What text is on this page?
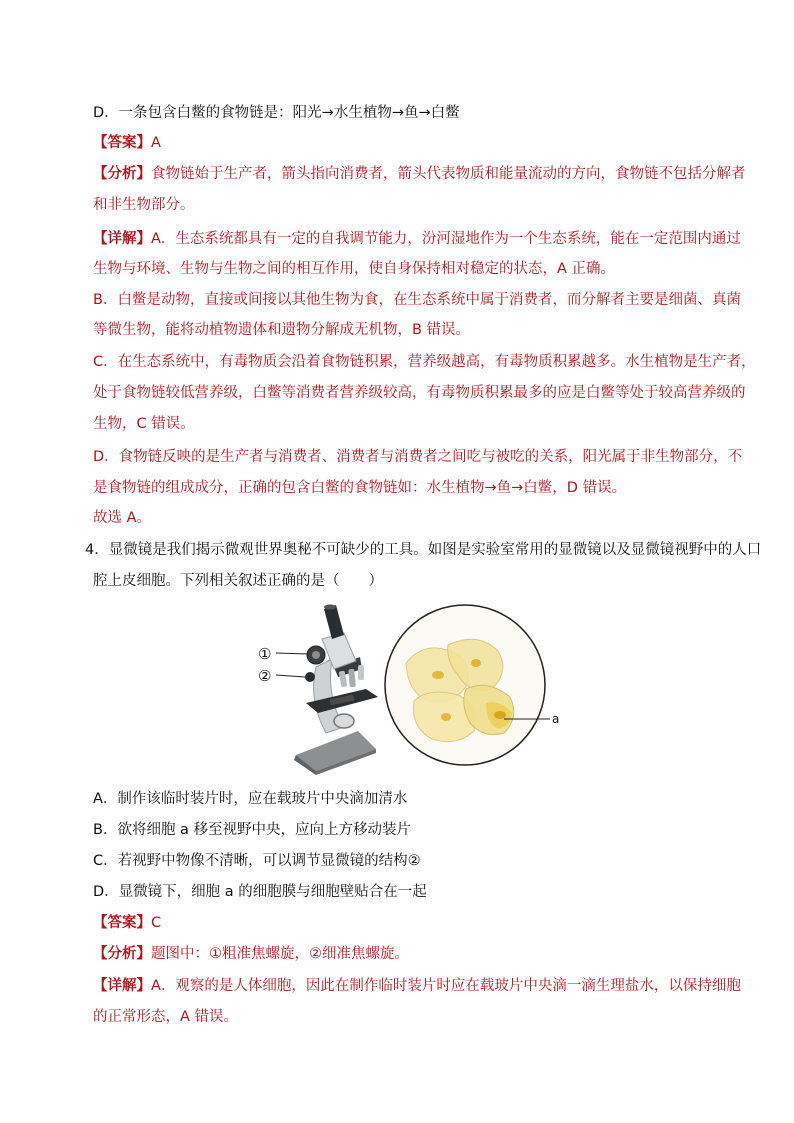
D．一条包含白鳖的食物链是：阳光→水生植物→鱼→白鳖
【答案】A
【分析】食物链始于生产者，箭头指向消费者，箭头代表物质和能量流动的方向，食物链不包括分解者
和非生物部分。
【详解】A．生态系统都具有一定的自我调节能力，汾河湿地作为一个生态系统，能在一定范围内通过
生物与环境、生物与生物之间的相互作用，使自身保持相对稳定的状态，A 正确。
B．白鳖是动物，直接或间接以其他生物为食，在生态系统中属于消费者，而分解者主要是细菌、真菌
等微生物，能将动植物遗体和遗物分解成无机物，B 错误。
C．在生态系统中，有毒物质会沿着食物链积累，营养级越高，有毒物质积累越多。水生植物是生产者，
处于食物链较低营养级，白鳖等消费者营养级较高，有毒物质积累最多的应是白鳖等处于较高营养级的
生物，C 错误。
D．食物链反映的是生产者与消费者、消费者与消费者之间吃与被吃的关系，阳光属于非生物部分，不
是食物链的组成成分，正确的包含白鳖的食物链如：水生植物→鱼→白鳖，D 错误。
故选 A。
4．显微镜是我们揭示微观世界奥秘不可缺少的工具。如图是实验室常用的显微镜以及显微镜视野中的人口
腔上皮细胞。下列相关叙述正确的是（　　）
①
②
a
A．制作该临时装片时，应在载玻片中央滴加清水
B．欲将细胞 a 移至视野中央，应向上方移动装片
C．若视野中物像不清晰，可以调节显微镜的结构②
D．显微镜下，细胞 a 的细胞膜与细胞壁贴合在一起
【答案】C
【分析】题图中：①粗准焦螺旋，②细准焦螺旋。
【详解】A．观察的是人体细胞，因此在制作临时装片时应在载玻片中央滴一滴生理盐水，以保持细胞
的正常形态，A 错误。
